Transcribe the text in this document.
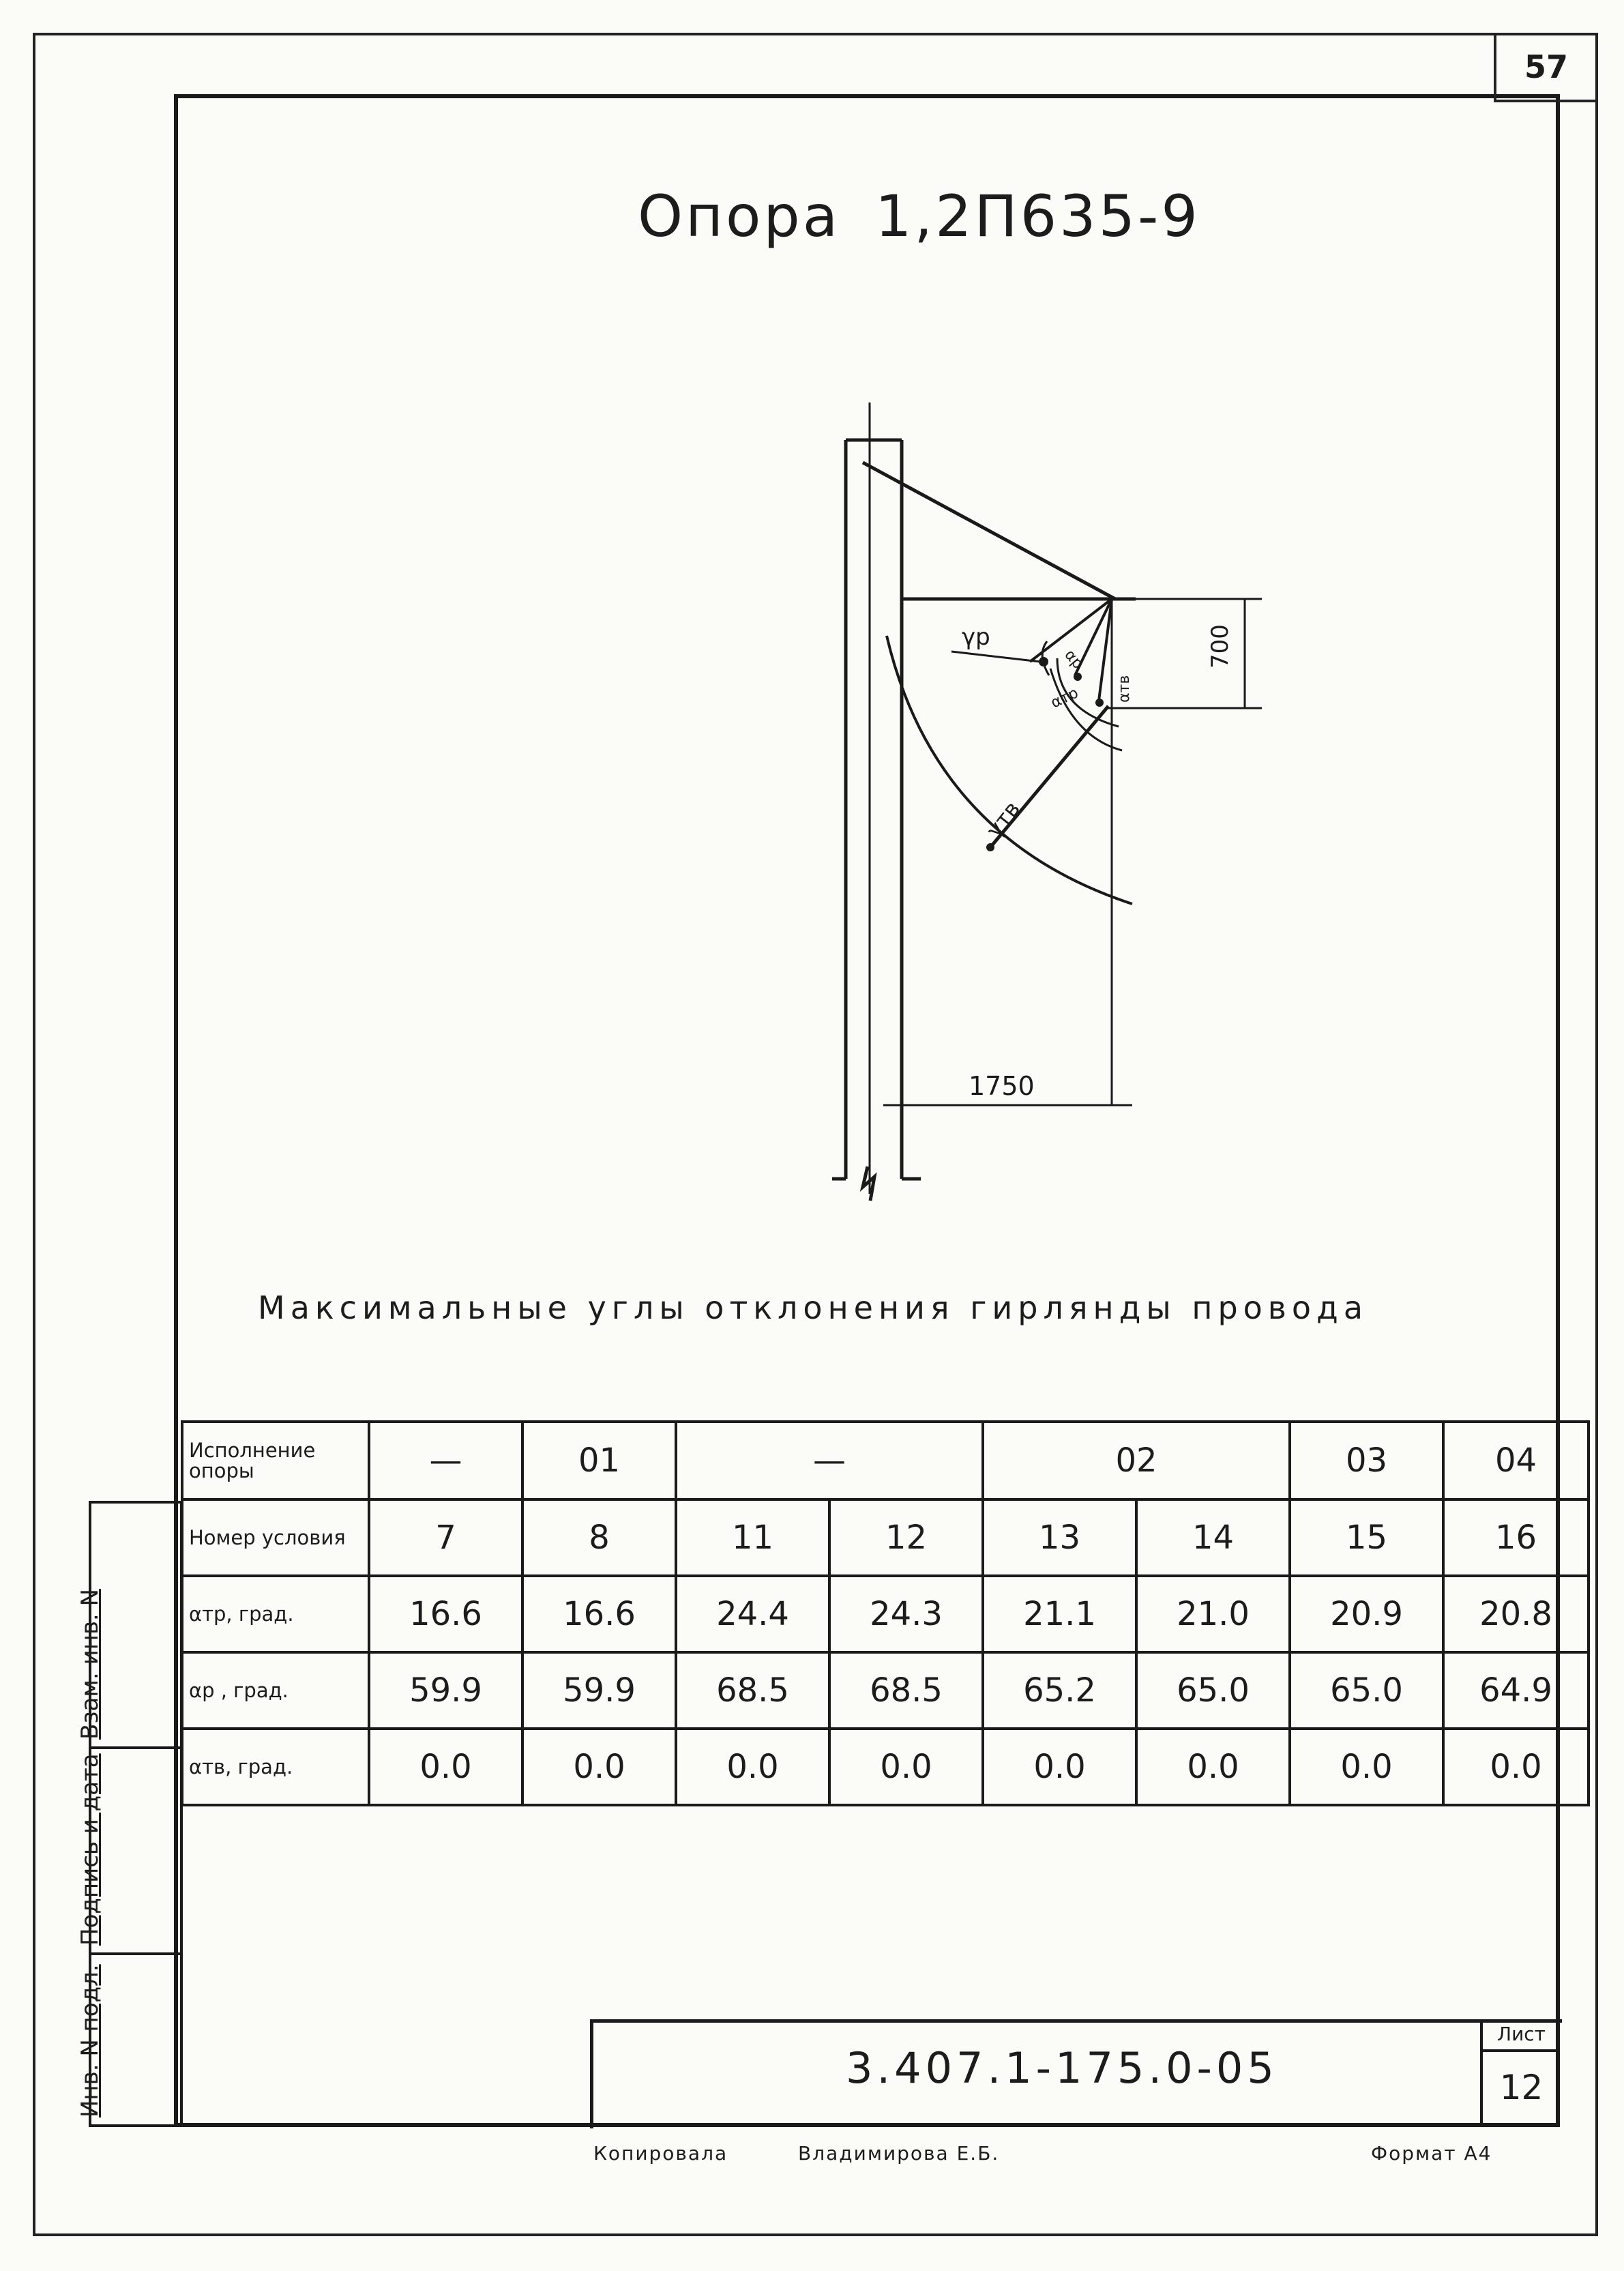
57
Опора 1,2П635-9
γр
αр
αтв
αтр
γтв
1750
700
Максимальные углы отклонения гирлянды провода
Исполнение опоры	—	01	—		02		03	04
Номер условия	7	8	11	12	13	14	15	16
αтр, град.	16.6	16.6	24.4	24.3	21.1	21.0	20.9	20.8
αр , град.	59.9	59.9	68.5	68.5	65.2	65.0	65.0	64.9
αтв, град.	0.0	0.0	0.0	0.0	0.0	0.0	0.0	0.0
Взам. инв. N
Подпись и дата
Инв. N подл.	3.407.1-175.0-05
Лист
12
Копировала	Владимирова Е.Б.	Формат А4
